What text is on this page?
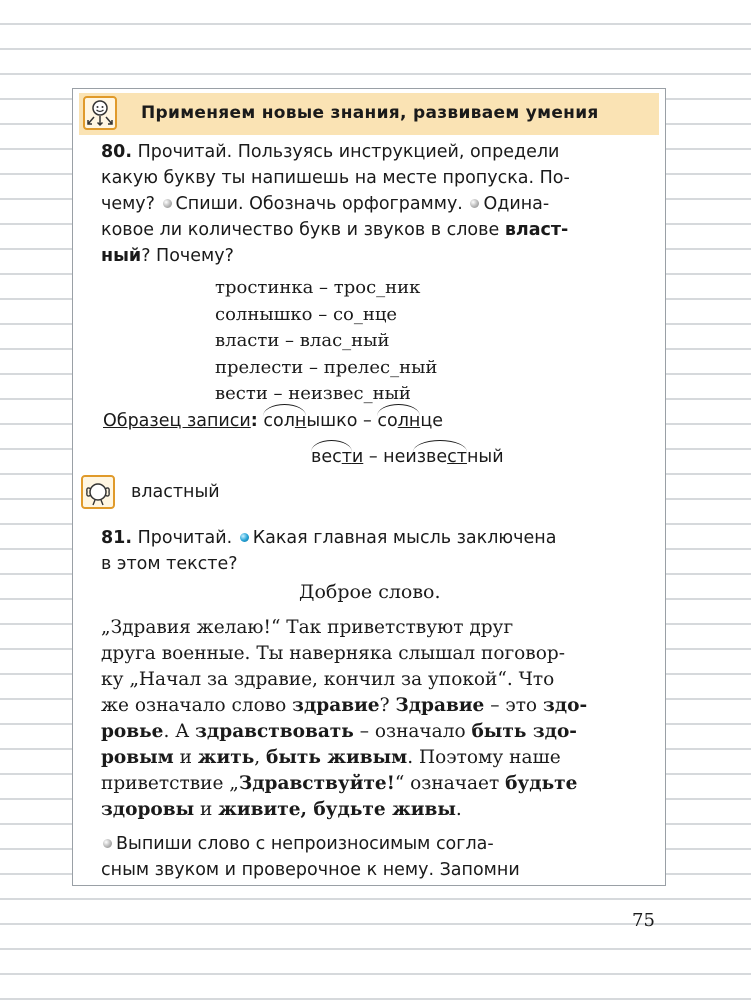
Применяем новые знания, развиваем умения
80. Прочитай. Пользуясь инструкцией, определи
какую букву ты напишешь на месте пропуска. По-
чему? Спиши. Обозначь орфограмму. Одина-
ковое ли количество букв и звуков в слове власт-
ный? Почему?
тростинка – трос_ник
солнышко – со_нце
власти – влас_ный
прелести – прелес_ный
вести – неизвес_ный
Образец записи: солнышко –
солнце
вести – неизве
стный
властный
81. Прочитай. Какая главная мысль заключена
в этом тексте?
Доброе слово.
„Здравия желаю!“ Так приветствуют друг
друга военные. Ты наверняка слышал поговор-
ку „Начал за здравие, кончил за упокой“. Что
же означало слово здравие? Здравие – это здо-
ровье. А здравствовать – означало быть здо-
ровым и жить, быть живым. Поэтому наше
приветствие „Здравствуйте!“ означает будьте
здоровы и живите, будьте живы.
Выпиши слово с непроизносимым согла-
сным звуком и проверочное к нему. Запомни
75
